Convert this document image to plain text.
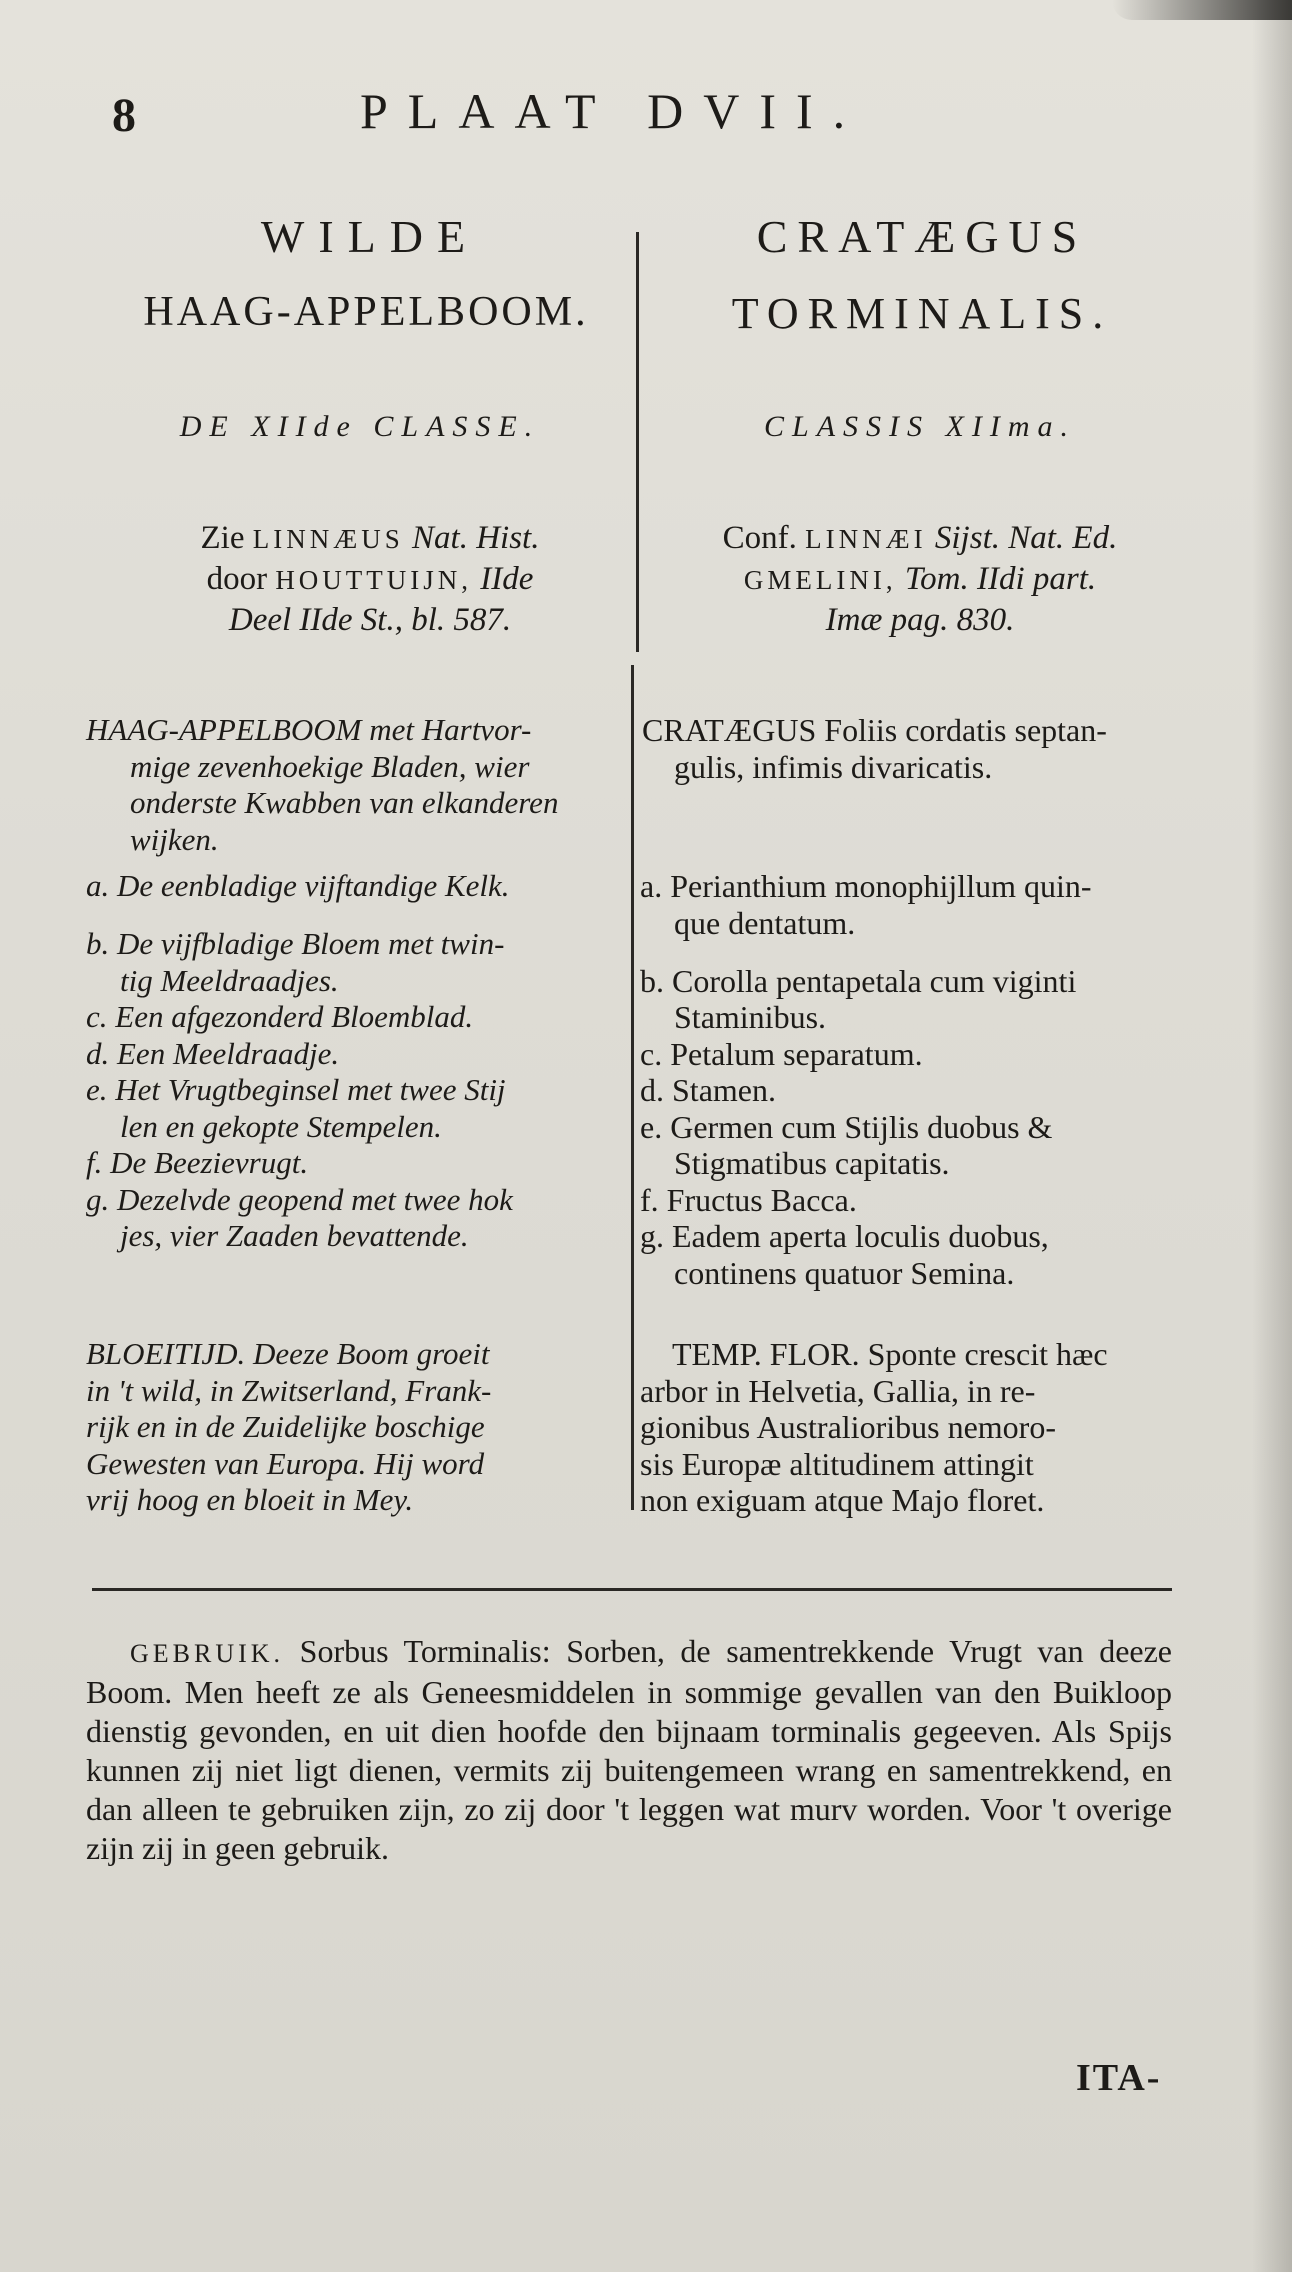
8	PLAAT DVII.
WILDE
HAAG-APPELBOOM.
CRATÆGUS
TORMINALIS.
DE XIIde CLASSE.	CLASSIS XIIma.
Zie LINNÆUS Nat. Hist.
door HOUTTUIJN, IIde
Deel IIde St., bl. 587.
Conf. LINNÆI Sijst. Nat. Ed.
GMELINI, Tom. IIdi part.
Imæ pag. 830.
HAAG-APPELBOOM met Hartvor-
mige zevenhoekige Bladen, wier
onderste Kwabben van elkanderen
wijken.
a. De eenbladige vijftandige Kelk.
b. De vijfbladige Bloem met twin-
tig Meeldraadjes.
c. Een afgezonderd Bloemblad.
d. Een Meeldraadje.
e. Het Vrugtbeginsel met twee Stij
len en gekopte Stempelen.
f. De Beezievrugt.
g. Dezelvde geopend met twee hok
jes, vier Zaaden bevattende.
BLOEITIJD. Deeze Boom groeit
in 't wild, in Zwitserland, Frank-
rijk en in de Zuidelijke boschige
Gewesten van Europa. Hij word
vrij hoog en bloeit in Mey.
CRATÆGUS Foliis cordatis septan-
gulis, infimis divaricatis.
a. Perianthium monophijllum quin-
que dentatum.
b. Corolla pentapetala cum viginti
Staminibus.
c. Petalum separatum.
d. Stamen.
e. Germen cum Stijlis duobus &
Stigmatibus capitatis.
f. Fructus Bacca.
g. Eadem aperta loculis duobus,
continens quatuor Semina.
TEMP. FLOR. Sponte crescit hæc
arbor in Helvetia, Gallia, in re-
gionibus Australioribus nemoro-
sis Europæ altitudinem attingit
non exiguam atque Majo floret.
GEBRUIK. Sorbus Torminalis: Sorben, de samentrekkende Vrugt van deeze Boom. Men heeft ze als Geneesmiddelen in sommige gevallen van den Buikloop dienstig gevonden, en uit dien hoofde den bijnaam torminalis gegeeven. Als Spijs kunnen zij niet ligt dienen, vermits zij buitengemeen wrang en samentrekkend, en dan alleen te gebruiken zijn, zo zij door 't leggen wat murv worden. Voor 't overige zijn zij in geen gebruik.
ITA-
